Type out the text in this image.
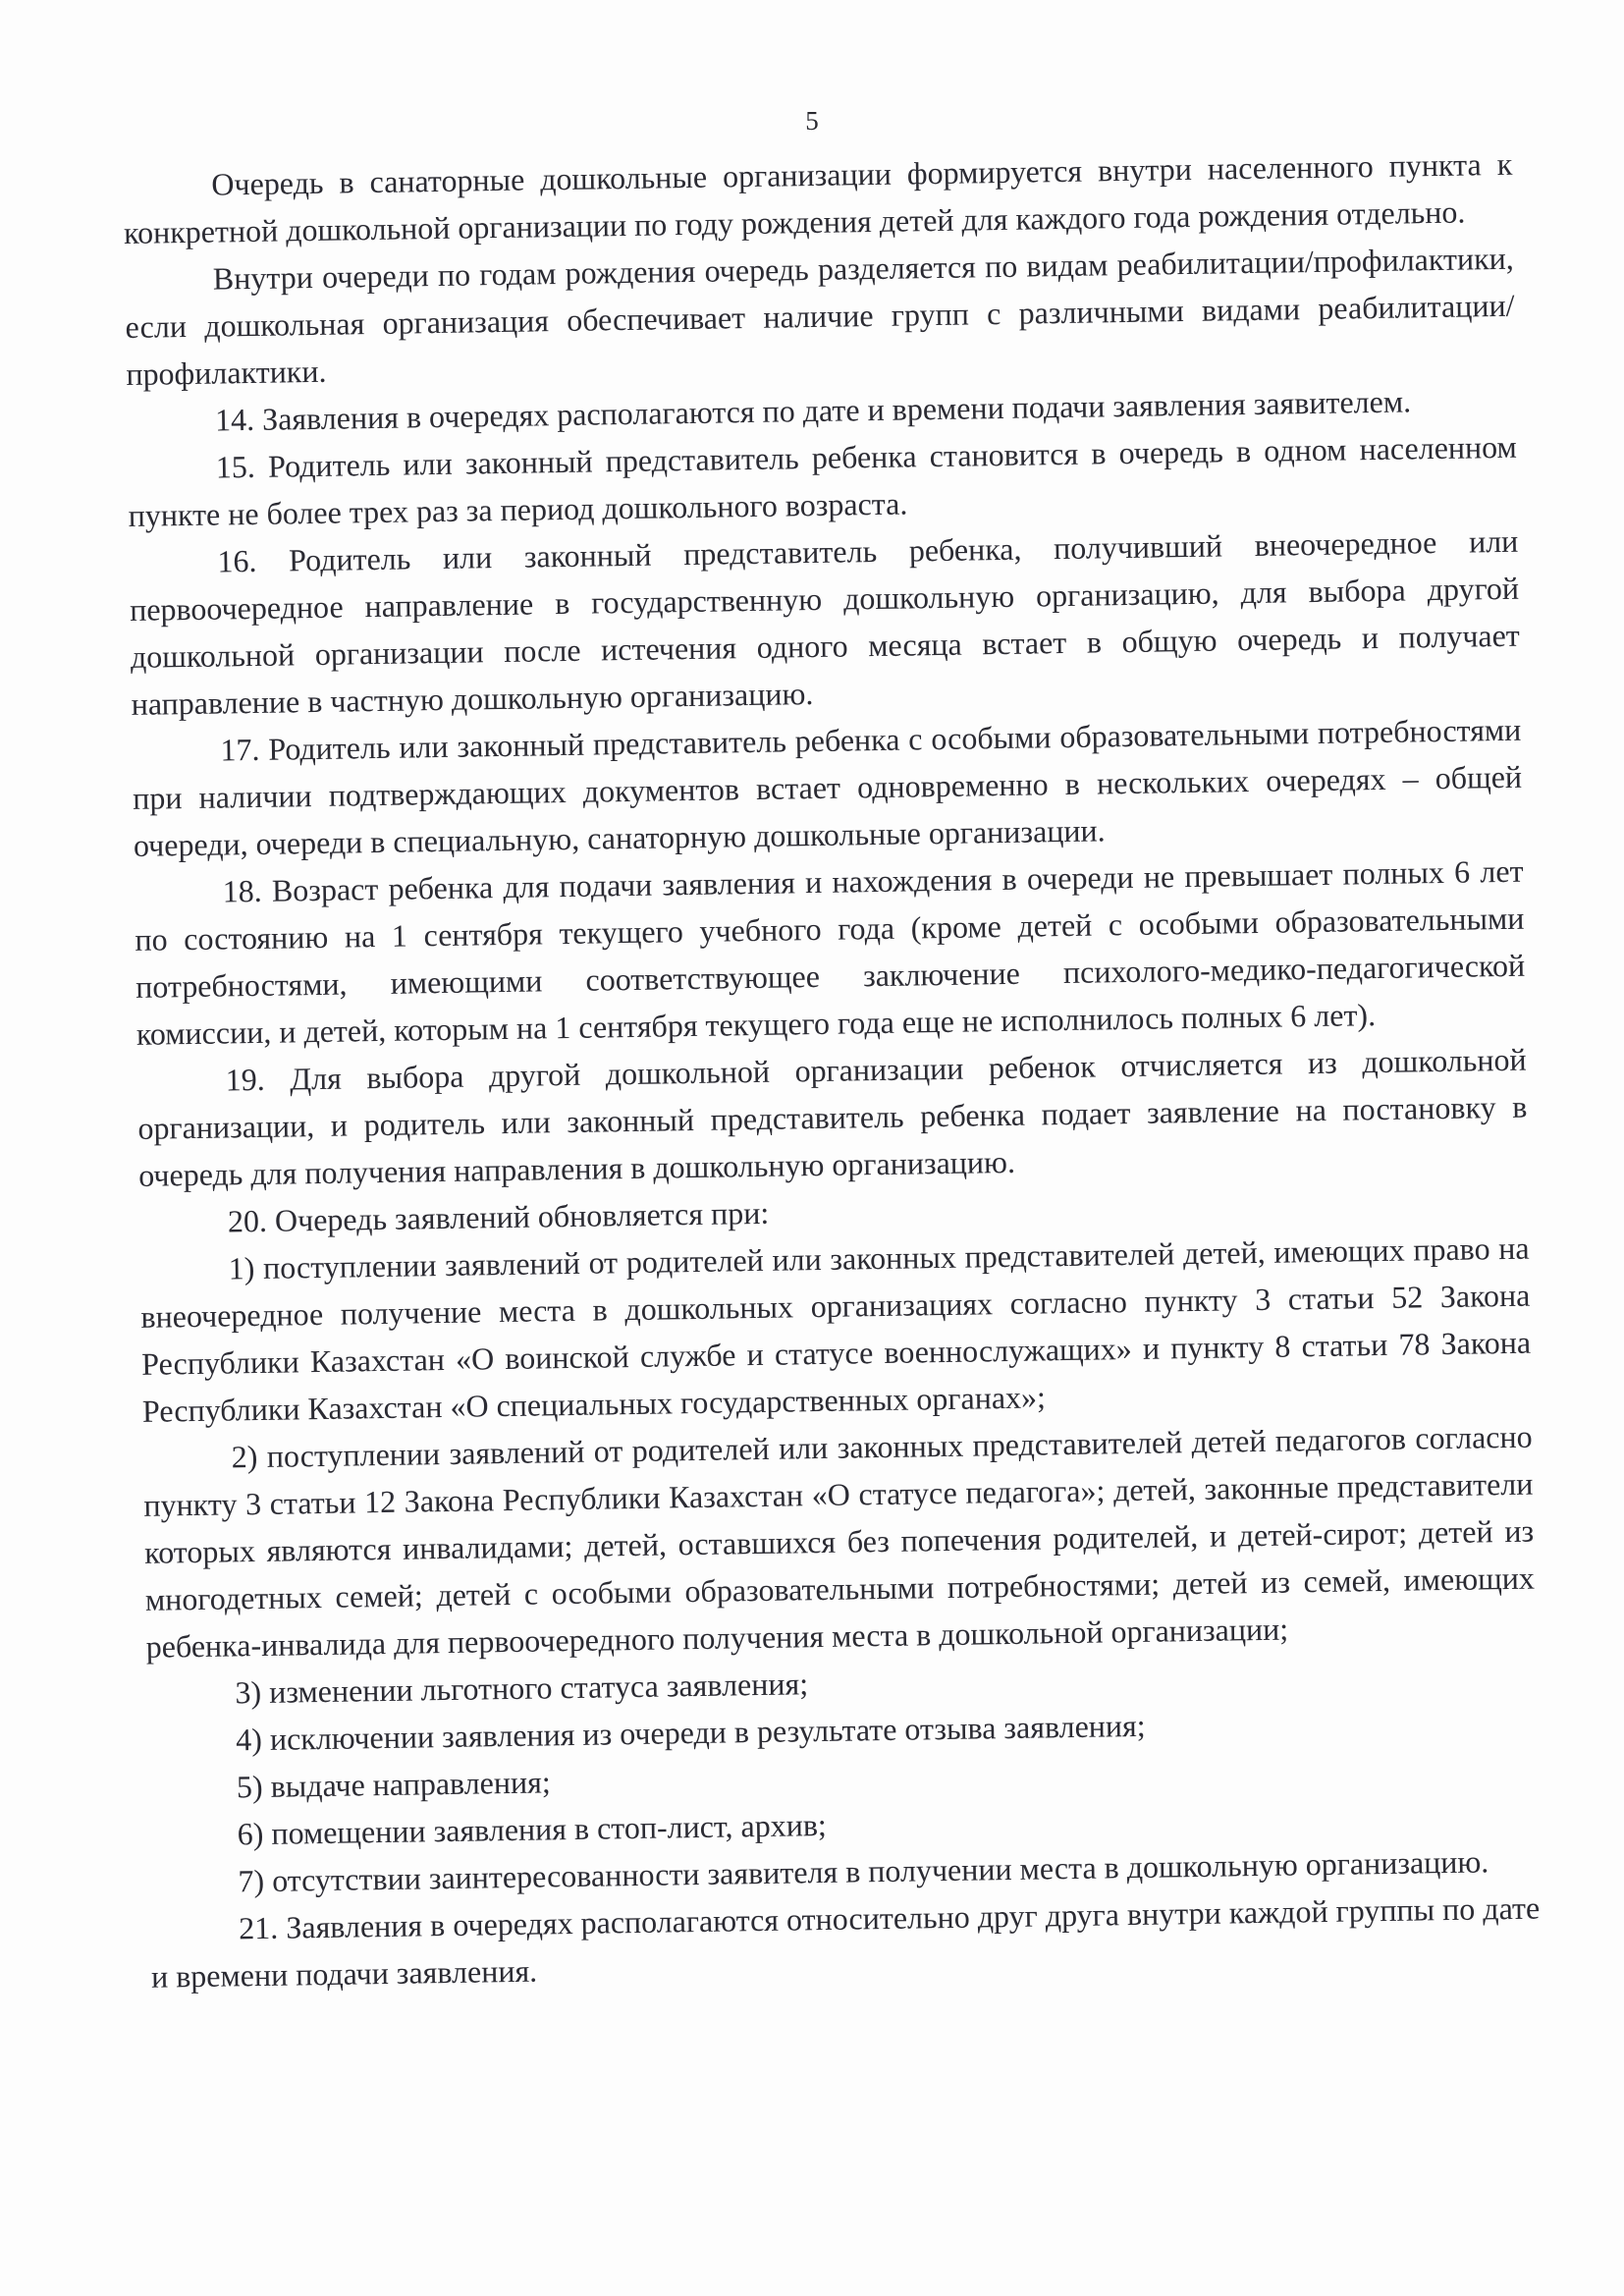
5

Очередь в санаторные дошкольные организации формируется внутри населенного пункта к конкретной дошкольной организации по году рождения детей для каждого года рождения отдельно.

Внутри очереди по годам рождения очередь разделяется по видам реабилитации/профилактики, если дошкольная организация обеспечивает наличие групп с различными видами реабилитации/профилактики.

14. Заявления в очередях располагаются по дате и времени подачи заявления заявителем.

15. Родитель или законный представитель ребенка становится в очередь в одном населенном пункте не более трех раз за период дошкольного возраста.

16. Родитель или законный представитель ребенка, получивший внеочередное или первоочередное направление в государственную дошкольную организацию, для выбора другой дошкольной организации после истечения одного месяца встает в общую очередь и получает направление в частную дошкольную организацию.

17. Родитель или законный представитель ребенка с особыми образовательными потребностями при наличии подтверждающих документов встает одновременно в нескольких очередях – общей очереди, очереди в специальную, санаторную дошкольные организации.

18. Возраст ребенка для подачи заявления и нахождения в очереди не превышает полных 6 лет по состоянию на 1 сентября текущего учебного года (кроме детей с особыми образовательными потребностями, имеющими соответствующее заключение психолого-медико-педагогической комиссии, и детей, которым на 1 сентября текущего года еще не исполнилось полных 6 лет).

19. Для выбора другой дошкольной организации ребенок отчисляется из дошкольной организации, и родитель или законный представитель ребенка подает заявление на постановку в очередь для получения направления в дошкольную организацию.

20. Очередь заявлений обновляется при:

1) поступлении заявлений от родителей или законных представителей детей, имеющих право на внеочередное получение места в дошкольных организациях согласно пункту 3 статьи 52 Закона Республики Казахстан «О воинской службе и статусе военнослужащих» и пункту 8 статьи 78 Закона Республики Казахстан «О специальных государственных органах»;

2) поступлении заявлений от родителей или законных представителей детей педагогов согласно пункту 3 статьи 12 Закона Республики Казахстан «О статусе педагога»; детей, законные представители которых являются инвалидами; детей, оставшихся без попечения родителей, и детей-сирот; детей из многодетных семей; детей с особыми образовательными потребностями; детей из семей, имеющих ребенка-инвалида для первоочередного получения места в дошкольной организации;

3) изменении льготного статуса заявления;

4) исключении заявления из очереди в результате отзыва заявления;

5) выдаче направления;

6) помещении заявления в стоп-лист, архив;

7) отсутствии заинтересованности заявителя в получении места в дошкольную организацию.

21. Заявления в очередях располагаются относительно друг друга внутри каждой группы по дате и времени подачи заявления.
